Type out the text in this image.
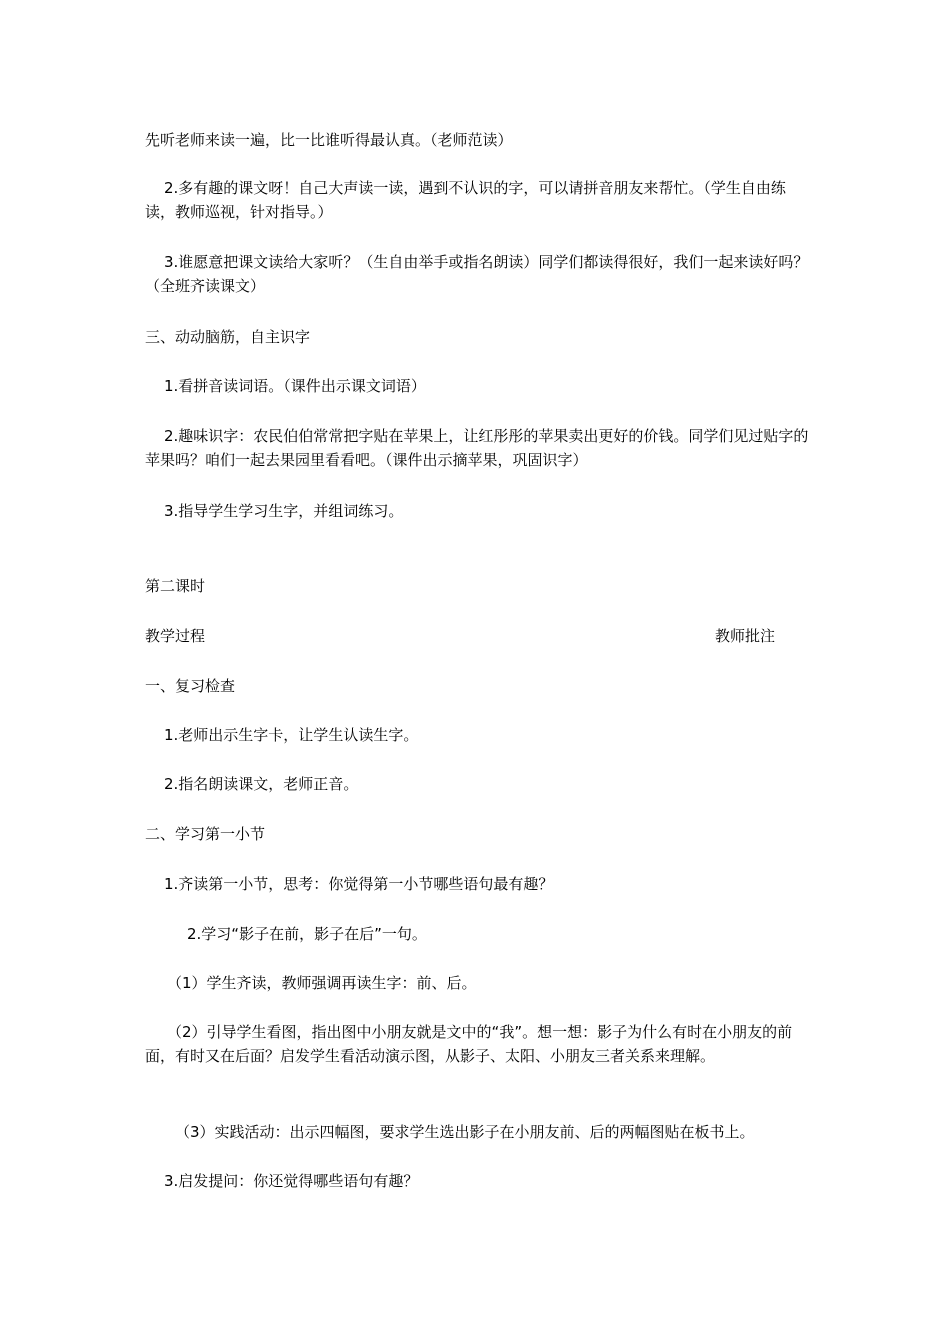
先听老师来读一遍，比一比谁听得最认真。（老师范读）

2.多有趣的课文呀！自己大声读一读，遇到不认识的字，可以请拼音朋友来帮忙。（学生自由练读，教师巡视，针对指导。）

3.谁愿意把课文读给大家听？（生自由举手或指名朗读）同学们都读得很好，我们一起来读好吗？（全班齐读课文）

三、动动脑筋，自主识字

1.看拼音读词语。（课件出示课文词语）

2.趣味识字：农民伯伯常常把字贴在苹果上，让红彤彤的苹果卖出更好的价钱。同学们见过贴字的苹果吗？咱们一起去果园里看看吧。（课件出示摘苹果，巩固识字）

3.指导学生学习生字，并组词练习。

第二课时

教学过程	教师批注

一、复习检查

1.老师出示生字卡，让学生认读生字。

2.指名朗读课文，老师正音。

二、学习第一小节

1.齐读第一小节，思考：你觉得第一小节哪些语句最有趣？

2.学习“影子在前，影子在后”一句。

（1）学生齐读，教师强调再读生字：前、后。

（2）引导学生看图，指出图中小朋友就是文中的“我”。想一想：影子为什么有时在小朋友的前面，有时又在后面？启发学生看活动演示图，从影子、太阳、小朋友三者关系来理解。

（3）实践活动：出示四幅图，要求学生选出影子在小朋友前、后的两幅图贴在板书上。

3.启发提问：你还觉得哪些语句有趣？
